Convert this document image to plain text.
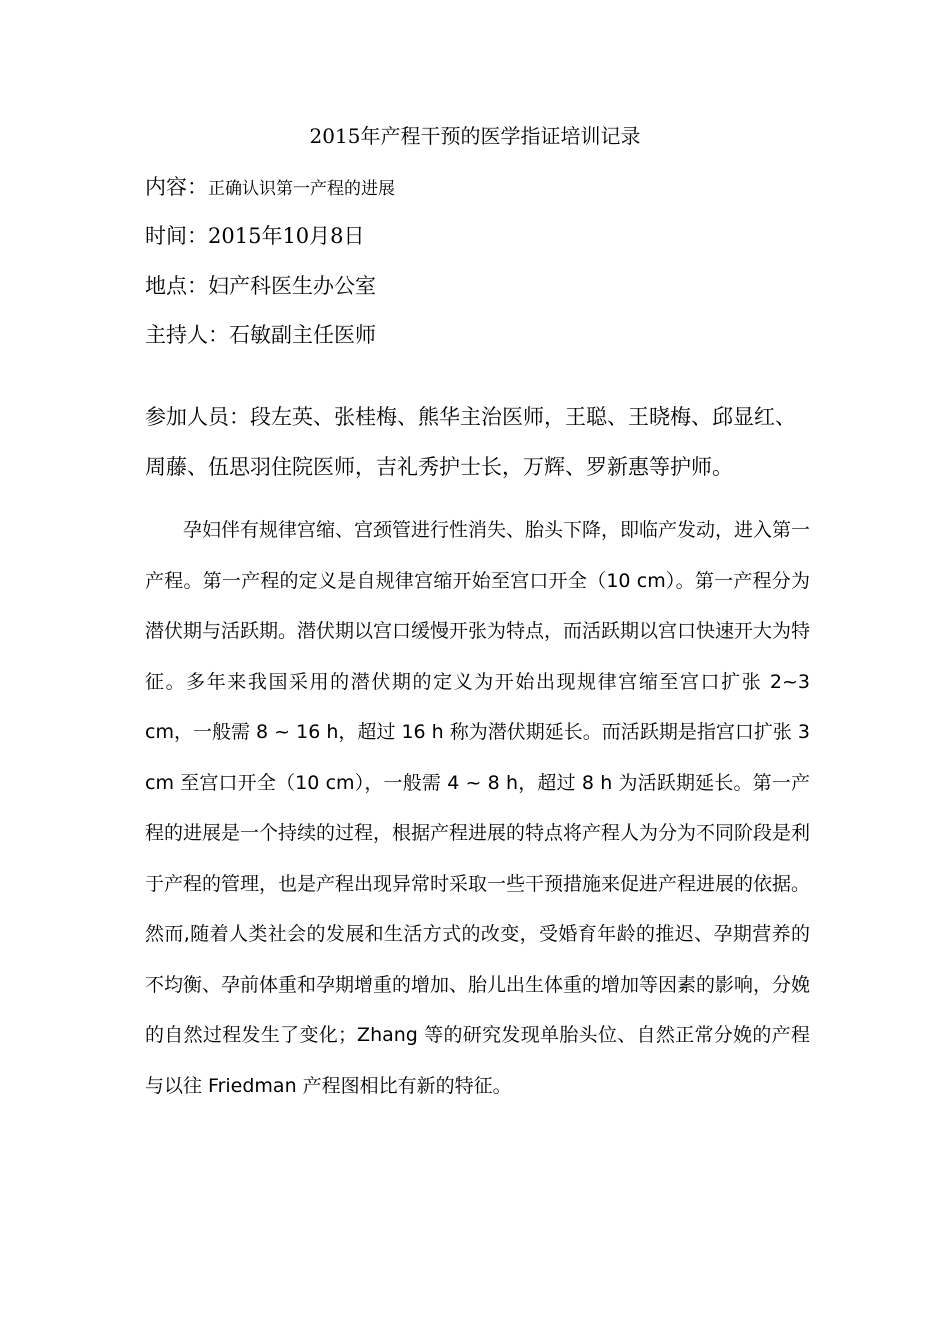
2015年产程干预的医学指证培训记录
内容：正确认识第一产程的进展
时间：2015年10月8日
地点：妇产科医生办公室
主持人：石敏副主任医师
参加人员：段左英、张桂梅、熊华主治医师，王聪、王晓梅、邱显红、周藤、伍思羽住院医师，吉礼秀护士长，万辉、罗新惠等护师。
孕妇伴有规律宫缩、宫颈管进行性消失、胎头下降，即临产发动，进入第一产程。第一产程的定义是自规律宫缩开始至宫口开全（10 cm）。第一产程分为潜伏期与活跃期。潜伏期以宫口缓慢开张为特点，而活跃期以宫口快速开大为特征。多年来我国采用的潜伏期的定义为开始出现规律宫缩至宫口扩张 2~3 cm，一般需 8 ~ 16 h，超过 16 h 称为潜伏期延长。而活跃期是指宫口扩张 3 cm 至宫口开全（10 cm），一般需 4 ~ 8 h，超过 8 h 为活跃期延长。第一产程的进展是一个持续的过程，根据产程进展的特点将产程人为分为不同阶段是利于产程的管理，也是产程出现异常时采取一些干预措施来促进产程进展的依据。然而,随着人类社会的发展和生活方式的改变，受婚育年龄的推迟、孕期营养的不均衡、孕前体重和孕期增重的增加、胎儿出生体重的增加等因素的影响，分娩的自然过程发生了变化；Zhang 等的研究发现单胎头位、自然正常分娩的产程与以往 Friedman 产程图相比有新的特征。
